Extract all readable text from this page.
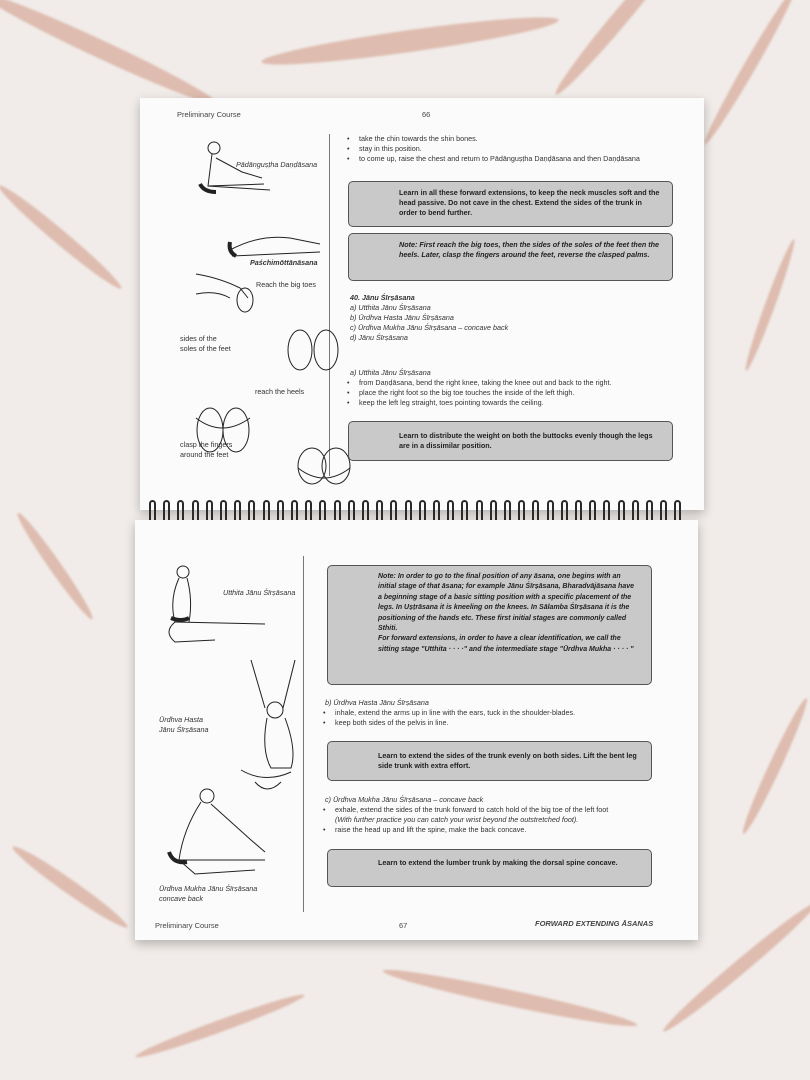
Preliminary Course	66
Pādānguṣṭha Daṇḍāsana
Paśchimōttānāsana
Reach the big toes
sides of the
soles of the feet
reach the heels
clasp the fingers
around the feet
• take the chin towards the shin bones.
• stay in this position.
• to come up, raise the chest and return to Pādānguṣṭha Daṇḍāsana and then Daṇḍāsana
Learn in all these forward extensions, to keep the neck muscles soft and the head passive. Do not cave in the chest. Extend the sides of the trunk in order to bend further.
Note: First reach the big toes, then the sides of the soles of the feet then the heels. Later, clasp the fingers around the feet, reverse the clasped palms.
40. Jānu Śīrṣāsana
a) Utthita Jānu Śīrṣāsana
b) Ūrdhva Hasta Jānu Śīrṣāsana
c) Ūrdhva Mukha Jānu Śīrṣāsana – concave back
d) Jānu Śīrṣāsana
a) Utthita Jānu Śīrṣāsana
• from Daṇḍāsana, bend the right knee, taking the knee out and back to the right.
• place the right foot so the big toe touches the inside of the left thigh.
• keep the left leg straight, toes pointing towards the ceiling.
Learn to distribute the weight on both the buttocks evenly though the legs are in a dissimilar position.
Utthita Jānu Śīrṣāsana
Ūrdhva Hasta
Jānu Śīrṣāsana
Ūrdhva Mukha Jānu Śīrṣāsana
concave back
Note: In order to go to the final position of any āsana, one begins with an initial stage of that āsana; for example Jānu Śīrṣāsana, Bharadvājāsana have a beginning stage of a basic sitting position with a specific placement of the legs. In Uṣṭrāsana it is kneeling on the knees. In Sālamba Śīrṣāsana it is the positioning of the hands etc. These first initial stages are commonly called Sthiti.
For forward extensions, in order to have a clear identification, we call the sitting stage "Utthita · · · ·" and the intermediate stage "Ūrdhva Mukha · · · · "
b) Ūrdhva Hasta Jānu Śīrṣāsana
• inhale, extend the arms up in line with the ears, tuck in the shoulder-blades.
• keep both sides of the pelvis in line.
Learn to extend the sides of the trunk evenly on both sides. Lift the bent leg side trunk with extra effort.
c) Ūrdhva Mukha Jānu Śīrṣāsana – concave back
• exhale, extend the sides of the trunk forward to catch hold of the big toe of the left foot
(With further practice you can catch your wrist beyond the outstretched foot).
• raise the head up and lift the spine, make the back concave.
Learn to extend the lumber trunk by making the dorsal spine concave.
Preliminary Course	67	FORWARD EXTENDING ĀSANAS
